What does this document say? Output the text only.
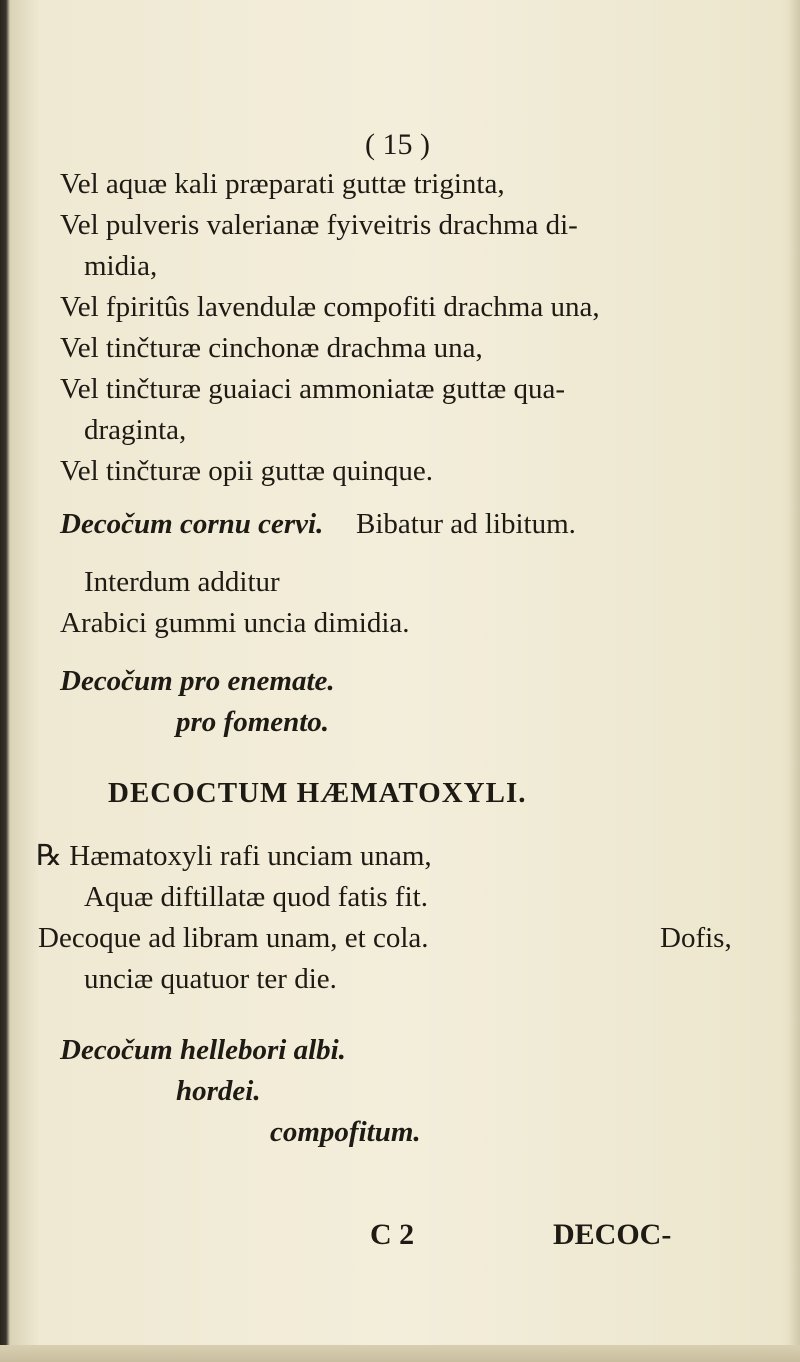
( 15 )
Vel aquæ kali præparati guttæ triginta,
Vel pulveris valerianæ fyiveitris drachma di-
midia,
Vel fpiritûs lavendulæ compofiti drachma una,
Vel tinčturæ cinchonæ drachma una,
Vel tinčturæ guaiaci ammoniatæ guttæ qua-
draginta,
Vel tinčturæ opii guttæ quinque.
Decočum cornu cervi. Bibatur ad libitum.
Interdum additur
Arabici gummi uncia dimidia.
Decočum pro enemate.
pro fomento.
DECOCTUM HÆMATOXYLI.
℞ Hæmatoxyli rafi unciam unam,
Aquæ diftillatæ quod fatis fit.
Decoque ad libram unam, et cola.	Dofis,
unciæ quatuor ter die.
Decočum hellebori albi.
hordei.
compofitum.
C 2	DECOC-
